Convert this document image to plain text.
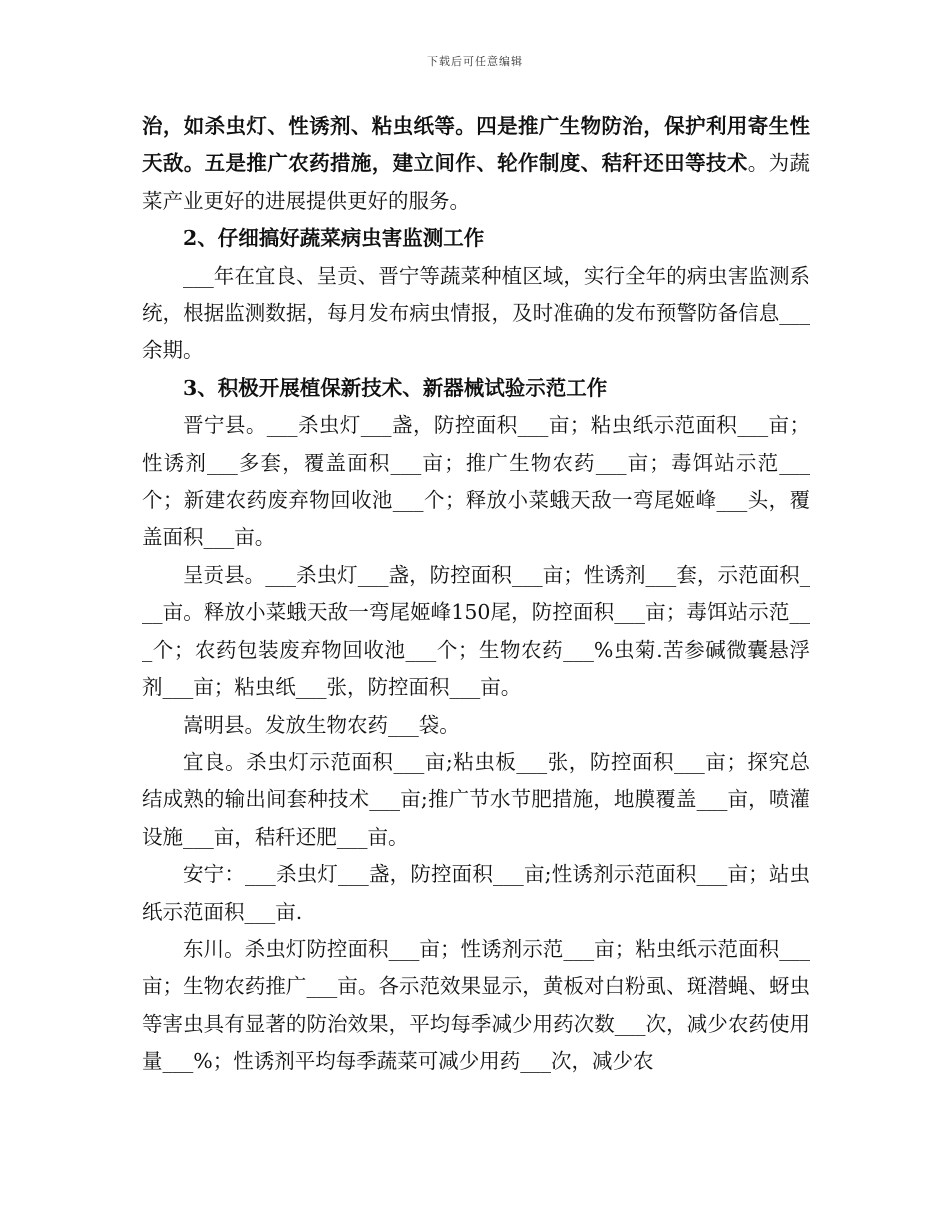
下载后可任意编辑

治，如杀虫灯、性诱剂、粘虫纸等。四是推广生物防治，保护利用寄生性天敌。五是推广农药措施，建立间作、轮作制度、秸秆还田等技术。为蔬菜产业更好的进展提供更好的服务。

2、仔细搞好蔬菜病虫害监测工作

___年在宜良、呈贡、晋宁等蔬菜种植区域，实行全年的病虫害监测系统，根据监测数据，每月发布病虫情报，及时准确的发布预警防备信息___余期。

3、积极开展植保新技术、新器械试验示范工作

晋宁县。___杀虫灯___盏，防控面积___亩；粘虫纸示范面积___亩；性诱剂___多套，覆盖面积___亩；推广生物农药___亩；毒饵站示范___个；新建农药废弃物回收池___个；释放小菜蛾天敌一弯尾姬峰___头，覆盖面积___亩。

呈贡县。___杀虫灯___盏，防控面积___亩；性诱剂___套，示范面积___亩。释放小菜蛾天敌一弯尾姬峰150尾，防控面积___亩；毒饵站示范___个；农药包装废弃物回收池___个；生物农药___%虫菊.苦参碱微囊悬浮剂___亩；粘虫纸___张，防控面积___亩。

嵩明县。发放生物农药___袋。

宜良。杀虫灯示范面积___亩;粘虫板___张，防控面积___亩；探究总结成熟的输出间套种技术___亩;推广节水节肥措施，地膜覆盖___亩，喷灌设施___亩，秸秆还肥___亩。

安宁：___杀虫灯___盏，防控面积___亩;性诱剂示范面积___亩；站虫纸示范面积___亩.

东川。杀虫灯防控面积___亩；性诱剂示范___亩；粘虫纸示范面积___亩；生物农药推广___亩。各示范效果显示，黄板对白粉虱、斑潜蝇、蚜虫等害虫具有显著的防治效果，平均每季减少用药次数___次，减少农药使用量___%；性诱剂平均每季蔬菜可减少用药___次，减少农
